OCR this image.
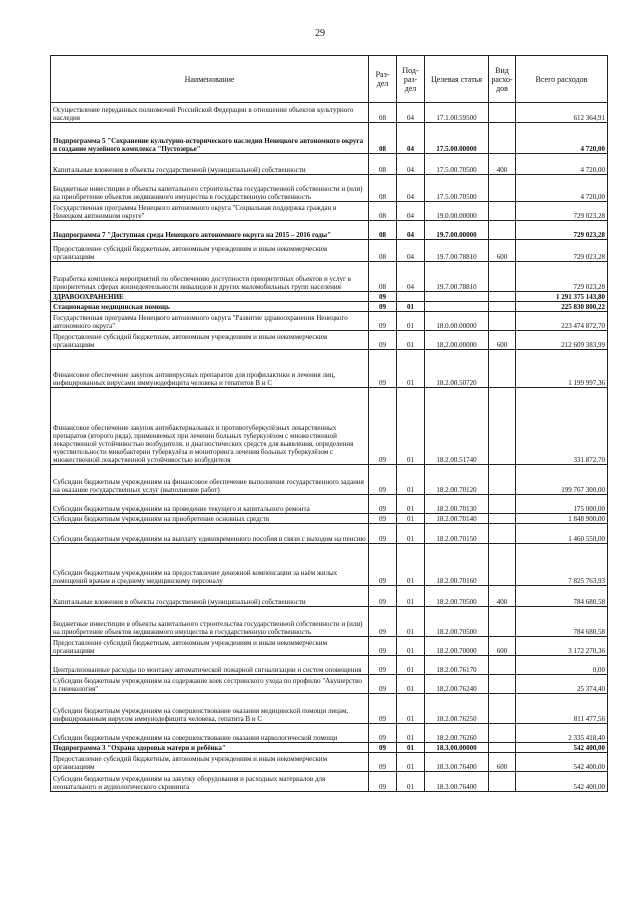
29
Наименование	Раз-дел	Под-раз-дел	Целевая статья	Вид расхо-дов	Всего расходов
Осуществление переданных полномочий Российской Федерации в отношении объектов культурного наследия	08	04	17.1.00.59500		612 364,91
Подпрограмма 5 "Сохранение культурно-исторического наследия Ненецкого автономного округа и создание музейного комплекса "Пустозерье"	08	04	17.5.00.00000		4 720,00
Капитальные вложения в объекты государственной (муниципальной) собственности	08	04	17.5.00.70500	400	4 720,00
Бюджетные инвестиции в объекты капитального строительства государственной собственности и (или) на приобретение объектов недвижимого имущества в государственную собственность	08	04	17.5.00.70500		4 720,00
Государственная программа Ненецкого автономного округа "Социальная поддержка граждан в Ненецком автономном округе"	08	04	19.0.00.00000		729 023,28
Подпрограмма 7 "Доступная среда Ненецкого автономного округа на 2015 – 2016 годы"	08	04	19.7.00.00000		729 023,28
Предоставление субсидий бюджетным, автономным учреждениям и иным некоммерческим организациям	08	04	19.7.00.78810	600	729 023,28
Разработка комплекса мероприятий по обеспечению доступности приоритетных объектов и услуг в приоритетных сферах жизнедеятельности инвалидов и других маломобильных групп населения	08	04	19.7.00.78810		729 023,28
ЗДРАВООХРАНЕНИЕ	09				1 291 375 143,80
Стационарная медицинская помощь	09	01			225 830 800,22
Государственная программа Ненецкого автономного округа "Развитие здравоохранения Ненецкого автономного округа"	09	01	18.0.00.00000		223 474 872,70
Предоставление субсидий бюджетным, автономным учреждениям и иным некоммерческим организациям	09	01	18.2.00.00000	600	212 609 383,99
Финансовое обеспечение закупок антивирусных препаратов для профилактики и лечения лиц, инфицированных вирусами иммунодефицита человека и гепатитов В и С	09	01	18.2.00.50720		1 199 997,36
Финансовое обеспечение закупок антибактериальных и противотуберкулёзных лекарственных препаратов (второго ряда), применяемых при лечении больных туберкулёзом с множественной лекарственной устойчивостью возбудителя, и диагностических средств для выявления, определения чувствительности микобактерии туберкулёза и мониторинга лечения больных туберкулёзом с множественной лекарственной устойчивостью возбудителя	09	01	18.2.00.51740		331 872,70
Субсидии бюджетным учреждениям на финансовое обеспечение выполнения государственного задания на оказание государственных услуг (выполнение работ)	09	01	18.2.00.70120		199 767 300,00
Субсидии бюджетным учреждениям на проведение текущего и капитального ремонта	09	01	18.2.00.70130		175 000,00
Субсидии бюджетным учреждениям на приобретение основных средств	09	01	18.2.00.70140		1 848 900,00
Субсидии бюджетным учреждениям на выплату единовременного пособия в связи с выходом на пенсию	09	01	18.2.00.70150		1 460 550,00
Субсидии бюджетным учреждениям на предоставление денежной компенсации за наём жилых помещений врачам и среднему медицинскому персоналу	09	01	18.2.00.70160		7 825 763,93
Капитальные вложения в объекты государственной (муниципальной) собственности	09	01	18.2.00.70500	400	784 680,58
Бюджетные инвестиции в объекты капитального строительства государственной собственности и (или) на приобретение объектов недвижимого имущества в государственную собственность	09	01	18.2.00.70500		784 680,58
Предоставление субсидий бюджетным, автономным учреждениям и иным некоммерческим организациям	09	01	18.2.00.70000	600	3 172 270,36
Централизованные расходы по монтажу автоматической пожарной сигнализации и систем оповещения	09	01	18.2.00.76170		0,00
Субсидии бюджетным учреждениям на содержание коек сестринского ухода по профилю "Акушерство и гинекология"	09	01	18.2.00.76240		25 374,40
Субсидии бюджетным учреждениям на совершенствование оказания медицинской помощи лицам, инфицированным вирусом иммунодефицита человека, гепатита В и С	09	01	18.2.00.76250		811 477,56
Субсидии бюджетным учреждениям на совершенствование оказания наркологической помощи	09	01	18.2.00.76260		2 335 418,40
Подпрограмма 3 "Охрана здоровья матери и ребёнка"	09	01	18.3.00.00000		542 400,00
Предоставление субсидий бюджетным, автономным учреждениям и иным некоммерческим организациям	09	01	18.3.00.76400	600	542 400,00
Субсидии бюджетным учреждениям на закупку оборудования и расходных материалов для неонатального и аудиологического скрининга	09	01	18.3.00.76400		542 400,00
